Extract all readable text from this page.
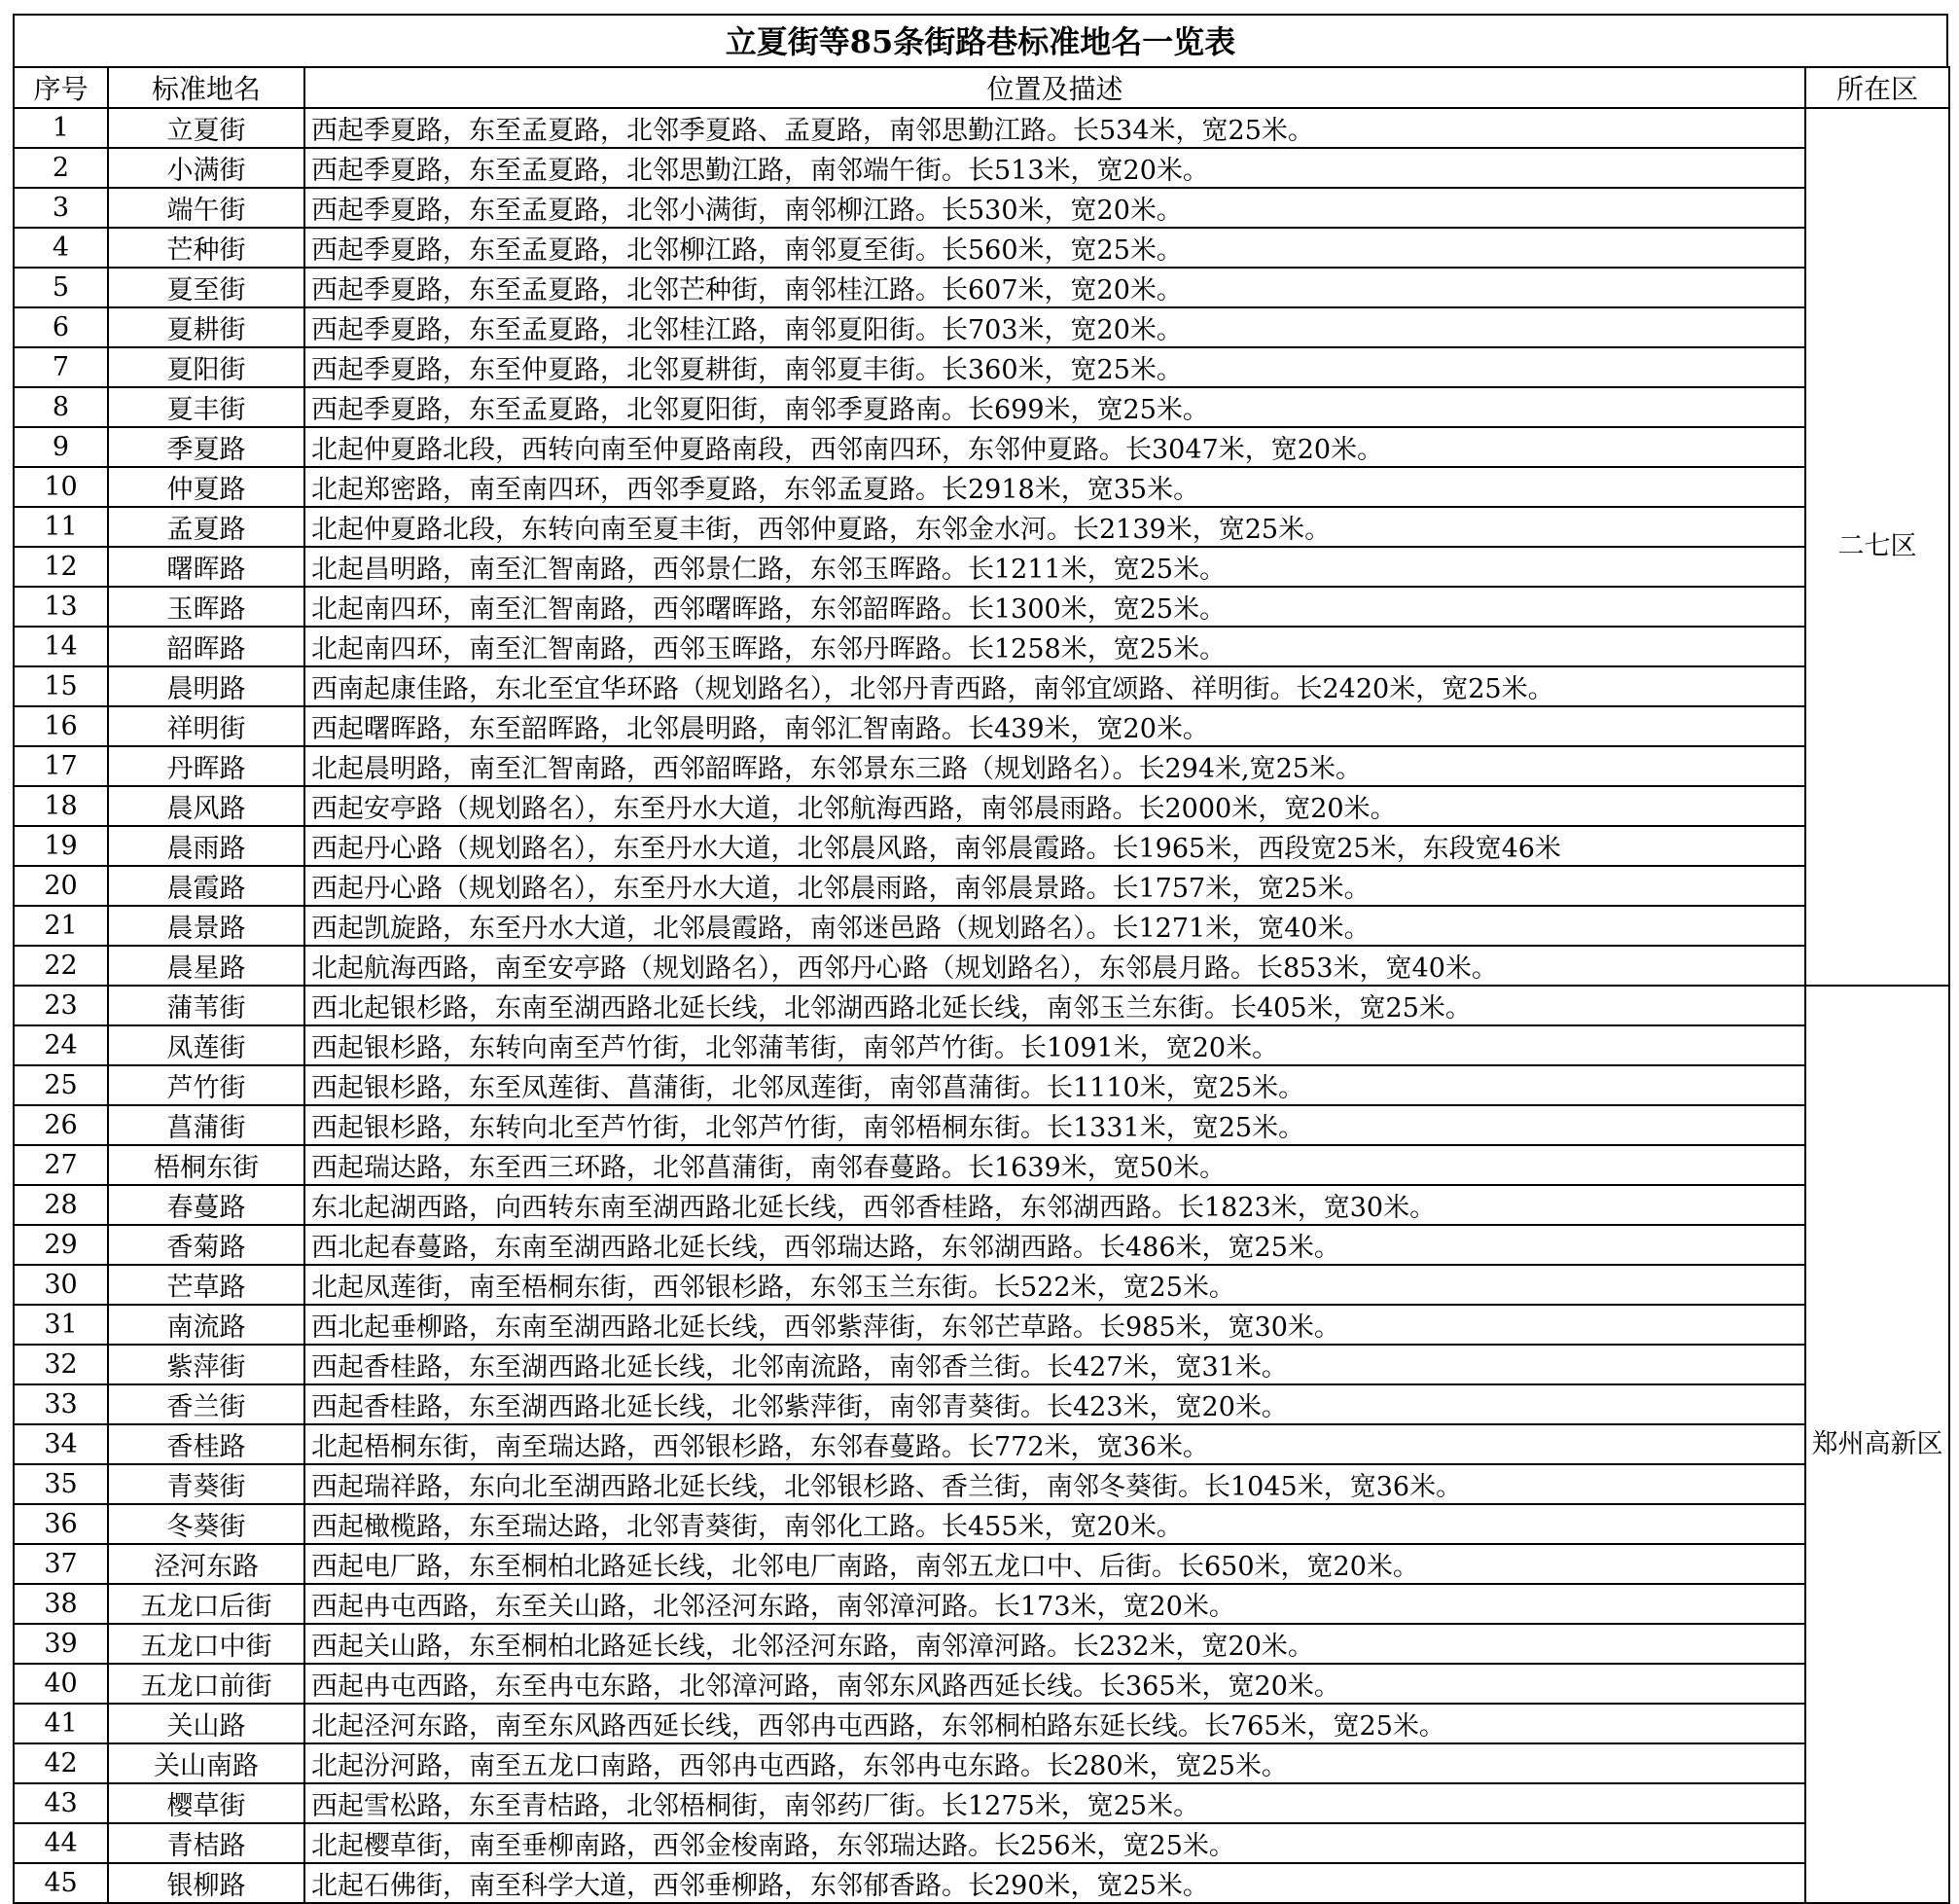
立夏街等85条街路巷标准地名一览表
序号	标准地名	位置及描述	所在区
1	立夏街	西起季夏路，东至孟夏路，北邻季夏路、孟夏路，南邻思勤江路。长534米，宽25米。	二七区
2	小满街	西起季夏路，东至孟夏路，北邻思勤江路，南邻端午街。长513米，宽20米。	
3	端午街	西起季夏路，东至孟夏路，北邻小满街，南邻柳江路。长530米，宽20米。	
4	芒种街	西起季夏路，东至孟夏路，北邻柳江路，南邻夏至街。长560米，宽25米。	
5	夏至街	西起季夏路，东至孟夏路，北邻芒种街，南邻桂江路。长607米，宽20米。	
6	夏耕街	西起季夏路，东至孟夏路，北邻桂江路，南邻夏阳街。长703米，宽20米。	
7	夏阳街	西起季夏路，东至仲夏路，北邻夏耕街，南邻夏丰街。长360米，宽25米。	
8	夏丰街	西起季夏路，东至孟夏路，北邻夏阳街，南邻季夏路南。长699米，宽25米。	
9	季夏路	北起仲夏路北段，西转向南至仲夏路南段，西邻南四环，东邻仲夏路。长3047米，宽20米。	
10	仲夏路	北起郑密路，南至南四环，西邻季夏路，东邻孟夏路。长2918米，宽35米。	
11	孟夏路	北起仲夏路北段，东转向南至夏丰街，西邻仲夏路，东邻金水河。长2139米，宽25米。	
12	曙晖路	北起昌明路，南至汇智南路，西邻景仁路，东邻玉晖路。长1211米，宽25米。	
13	玉晖路	北起南四环，南至汇智南路，西邻曙晖路，东邻韶晖路。长1300米，宽25米。	
14	韶晖路	北起南四环，南至汇智南路，西邻玉晖路，东邻丹晖路。长1258米，宽25米。	
15	晨明路	西南起康佳路，东北至宜华环路（规划路名），北邻丹青西路，南邻宜颂路、祥明街。长2420米，宽25米。	
16	祥明街	西起曙晖路，东至韶晖路，北邻晨明路，南邻汇智南路。长439米，宽20米。	
17	丹晖路	北起晨明路，南至汇智南路，西邻韶晖路，东邻景东三路（规划路名）。长294米,宽25米。	
18	晨风路	西起安亭路（规划路名），东至丹水大道，北邻航海西路，南邻晨雨路。长2000米，宽20米。	
19	晨雨路	西起丹心路（规划路名），东至丹水大道，北邻晨风路，南邻晨霞路。长1965米，西段宽25米，东段宽46米	
20	晨霞路	西起丹心路（规划路名），东至丹水大道，北邻晨雨路，南邻晨景路。长1757米，宽25米。	
21	晨景路	西起凯旋路，东至丹水大道，北邻晨霞路，南邻迷邑路（规划路名）。长1271米，宽40米。	
22	晨星路	北起航海西路，南至安亭路（规划路名），西邻丹心路（规划路名），东邻晨月路。长853米，宽40米。	
23	蒲苇街	西北起银杉路，东南至湖西路北延长线，北邻湖西路北延长线，南邻玉兰东街。长405米，宽25米。	郑州高新区
24	凤莲街	西起银杉路，东转向南至芦竹街，北邻蒲苇街，南邻芦竹街。长1091米，宽20米。	
25	芦竹街	西起银杉路，东至凤莲街、菖蒲街，北邻凤莲街，南邻菖蒲街。长1110米，宽25米。	
26	菖蒲街	西起银杉路，东转向北至芦竹街，北邻芦竹街，南邻梧桐东街。长1331米，宽25米。	
27	梧桐东街	西起瑞达路，东至西三环路，北邻菖蒲街，南邻春蔓路。长1639米，宽50米。	
28	春蔓路	东北起湖西路，向西转东南至湖西路北延长线，西邻香桂路，东邻湖西路。长1823米，宽30米。	
29	香菊路	西北起春蔓路，东南至湖西路北延长线，西邻瑞达路，东邻湖西路。长486米，宽25米。	
30	芒草路	北起凤莲街，南至梧桐东街，西邻银杉路，东邻玉兰东街。长522米，宽25米。	
31	南流路	西北起垂柳路，东南至湖西路北延长线，西邻紫萍街，东邻芒草路。长985米，宽30米。	
32	紫萍街	西起香桂路，东至湖西路北延长线，北邻南流路，南邻香兰街。长427米，宽31米。	
33	香兰街	西起香桂路，东至湖西路北延长线，北邻紫萍街，南邻青葵街。长423米，宽20米。	
34	香桂路	北起梧桐东街，南至瑞达路，西邻银杉路，东邻春蔓路。长772米，宽36米。	
35	青葵街	西起瑞祥路，东向北至湖西路北延长线，北邻银杉路、香兰街，南邻冬葵街。长1045米，宽36米。	
36	冬葵街	西起橄榄路，东至瑞达路，北邻青葵街，南邻化工路。长455米，宽20米。	
37	泾河东路	西起电厂路，东至桐柏北路延长线，北邻电厂南路，南邻五龙口中、后街。长650米，宽20米。	
38	五龙口后街	西起冉屯西路，东至关山路，北邻泾河东路，南邻漳河路。长173米，宽20米。	
39	五龙口中街	西起关山路，东至桐柏北路延长线，北邻泾河东路，南邻漳河路。长232米，宽20米。	
40	五龙口前街	西起冉屯西路，东至冉屯东路，北邻漳河路，南邻东风路西延长线。长365米，宽20米。	
41	关山路	北起泾河东路，南至东风路西延长线，西邻冉屯西路，东邻桐柏路东延长线。长765米，宽25米。	
42	关山南路	北起汾河路，南至五龙口南路，西邻冉屯西路，东邻冉屯东路。长280米，宽25米。	
43	樱草街	西起雪松路，东至青桔路，北邻梧桐街，南邻药厂街。长1275米，宽25米。	
44	青桔路	北起樱草街，南至垂柳南路，西邻金梭南路，东邻瑞达路。长256米，宽25米。	
45	银柳路	北起石佛街，南至科学大道，西邻垂柳路，东邻郁香路。长290米，宽25米。	
